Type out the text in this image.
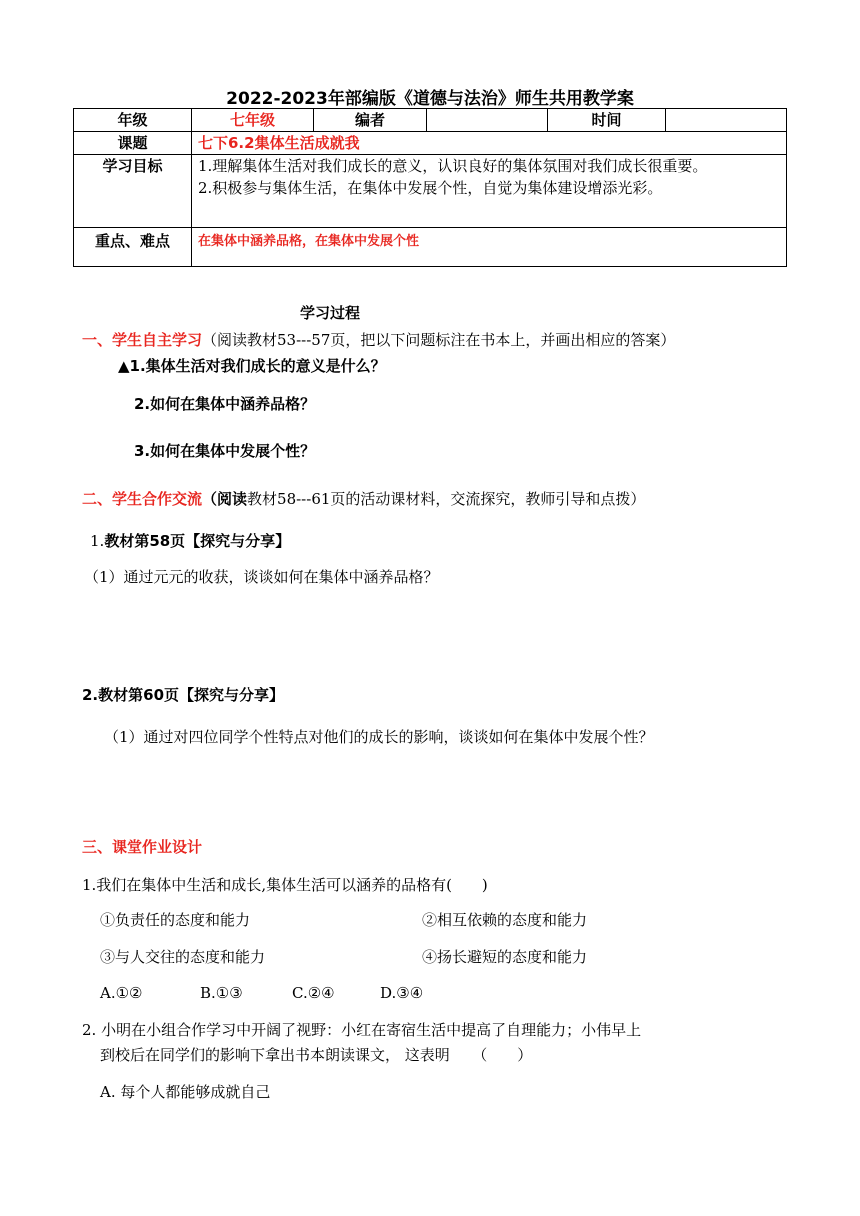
2022-2023年部编版《道德与法治》师生共用教学案
年级	七年级	编者		时间	
课题	七下6.2集体生活成就我				
学习目标	1.理解集体生活对我们成长的意义，认识良好的集体氛围对我们成长很重要。
2.积极参与集体生活，在集体中发展个性，自觉为集体建设增添光彩。				

重点、难点	在集体中涵养品格，在集体中发展个性				
学习过程
一、学生自主学习（阅读教材53---57页，把以下问题标注在书本上，并画出相应的答案）
▲1.集体生活对我们成长的意义是什么？
2.如何在集体中涵养品格？
3.如何在集体中发展个性？
二、学生合作交流（阅读教材58---61页的活动课材料，交流探究，教师引导和点拨）
1.教材第58页【探究与分享】
（1）通过元元的收获，谈谈如何在集体中涵养品格？
2.教材第60页【探究与分享】
（1）通过对四位同学个性特点对他们的成长的影响，谈谈如何在集体中发展个性？
三、课堂作业设计
1.我们在集体中生活和成长,集体生活可以涵养的品格有(　　)
①负责任的态度和能力	②相互依赖的态度和能力
③与人交往的态度和能力	④扬长避短的态度和能力
A.①②	B.①③	C.②④	D.③④
2. 小明在小组合作学习中开阔了视野：小红在寄宿生活中提高了自理能力；小伟早上
到校后在同学们的影响下拿出书本朗读课文， 这表明　　（　　）
A. 每个人都能够成就自己
